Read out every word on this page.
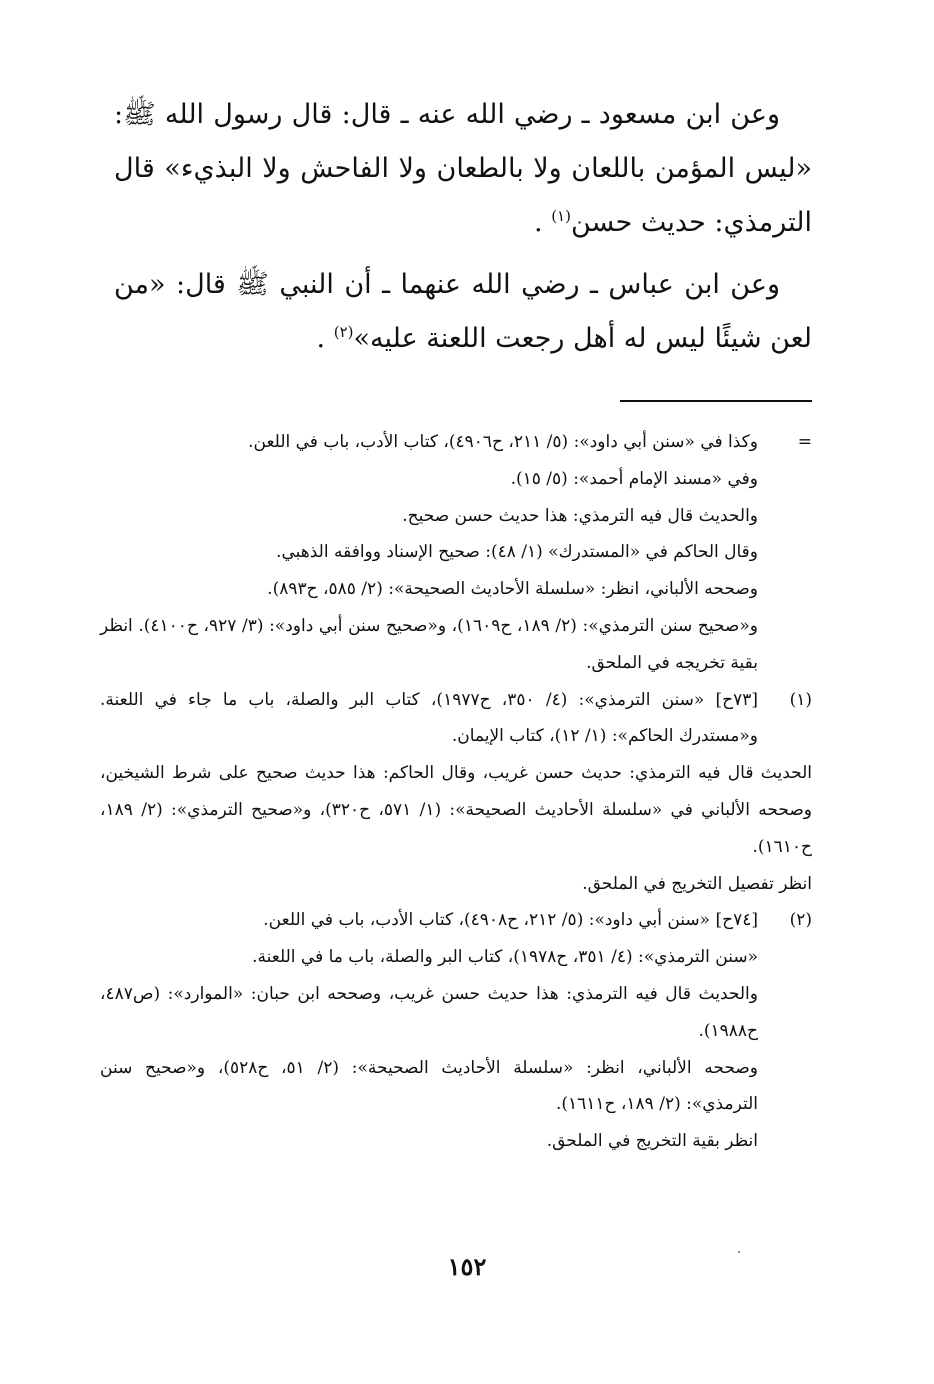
وعن ابن مسعود ـ رضي الله عنه ـ قال: قال رسول الله ﷺ: «ليس المؤمن باللعان ولا بالطعان ولا الفاحش ولا البذيء» قال الترمذي: حديث حسن$^{(١)}$ .

وعن ابن عباس ـ رضي الله عنهما ـ أن النبي ﷺ قال: «من لعن شيئًا ليس له أهل رجعت اللعنة عليه»$^{(٢)}$ .

=
وكذا في «سنن أبي داود»: (٥/ ٢١١، ح٤٩٠٦)، كتاب الأدب، باب في اللعن.
وفي «مسند الإمام أحمد»: (٥/ ١٥).
والحديث قال فيه الترمذي: هذا حديث حسن صحيح.
وقال الحاكم في «المستدرك» (١/ ٤٨): صحيح الإسناد ووافقه الذهبي.
وصححه الألباني، انظر: «سلسلة الأحاديث الصحيحة»: (٢/ ٥٨٥، ح٨٩٣).
و«صحيح سنن الترمذي»: (٢/ ١٨٩، ح١٦٠٩)، و«صحيح سنن أبي داود»: (٣/ ٩٢٧، ح٤١٠٠). انظر بقية تخريجه في الملحق.
(١)
[٧٣ح] «سنن الترمذي»: (٤/ ٣٥٠، ح١٩٧٧)، كتاب البر والصلة، باب ما جاء في اللعنة. و«مستدرك الحاكم»: (١/ ١٢)، كتاب الإيمان.
الحديث قال فيه الترمذي: حديث حسن غريب، وقال الحاكم: هذا حديث صحيح على شرط الشيخين، وصححه الألباني في «سلسلة الأحاديث الصحيحة»: (١/ ٥٧١، ح٣٢٠)، و«صحيح الترمذي»: (٢/ ١٨٩، ح١٦١٠).
انظر تفصيل التخريج في الملحق.
(٢)
[٧٤ح] «سنن أبي داود»: (٥/ ٢١٢، ح٤٩٠٨)، كتاب الأدب، باب في اللعن.
«سنن الترمذي»: (٤/ ٣٥١، ح١٩٧٨)، كتاب البر والصلة، باب ما في اللعنة.
والحديث قال فيه الترمذي: هذا حديث حسن غريب، وصححه ابن حبان: «الموارد»: (ص٤٨٧، ح١٩٨٨).
وصححه الألباني، انظر: «سلسلة الأحاديث الصحيحة»: (٢/ ٥١، ح٥٢٨)، و«صحيح سنن الترمذي»: (٢/ ١٨٩، ح١٦١١).
انظر بقية التخريج في الملحق.
١٥٢
